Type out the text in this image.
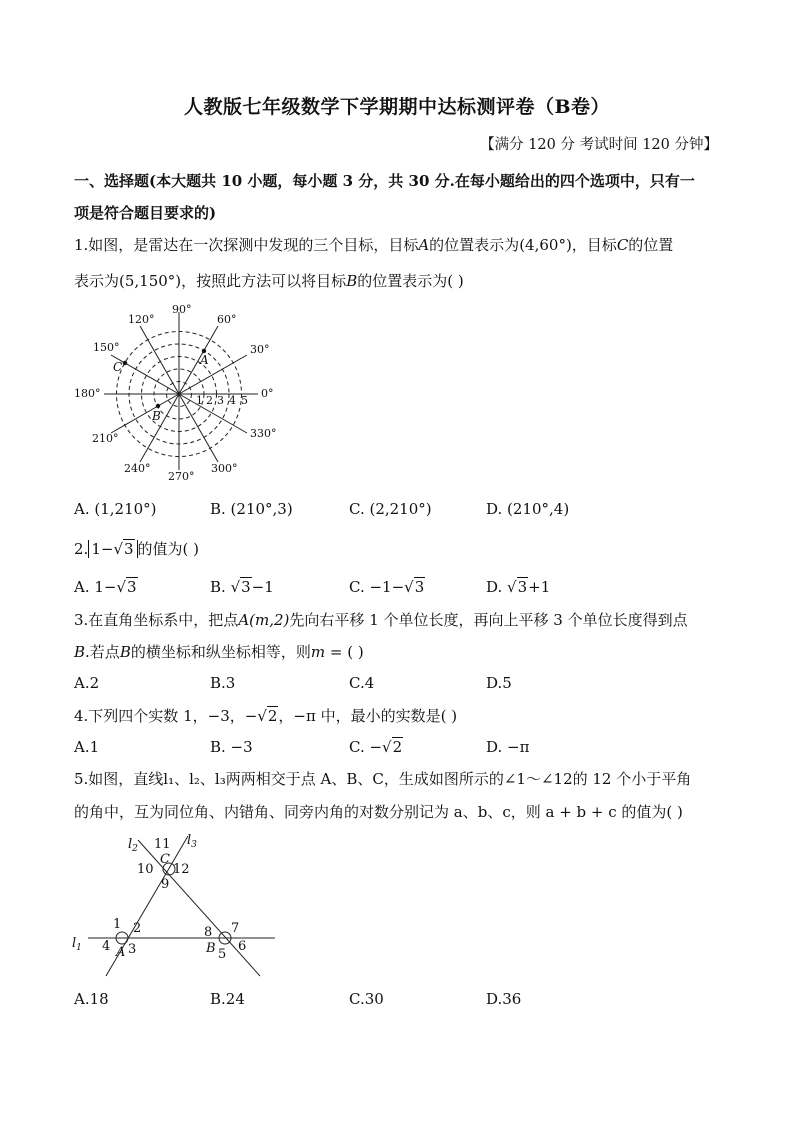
人教版七年级数学下学期期中达标测评卷（B卷）
【满分 120 分 考试时间 120 分钟】
一、选择题(本大题共 10 小题，每小题 3 分，共 30 分.在每小题给出的四个选项中，只有一
项是符合题目要求的)
1.如图，是雷达在一次探测中发现的三个目标，目标A的位置表示为(4,60°)，目标C的位置
表示为(5,150°)，按照此方法可以将目标B的位置表示为( )
90°
60°
120°
30°
150°
180°	0°
210°	330°
240°	300°
270°
1 2 3 4 5
A
B
C
A. (1,210°)	B. (210°,3)	C. (2,210°)	D. (210°,4)
2. 1−√3 的值为( )
A. 1−√3	B. √3−1	C. −1−√3	D. √3+1
3.在直角坐标系中，把点A(m,2)先向右平移 1 个单位长度，再向上平移 3 个单位长度得到点
B.若点B的横坐标和纵坐标相等，则m = ( )
A.2	B.3	C.4	D.5
4.下列四个实数 1，−3，−√2，−π 中，最小的实数是( )
A.1	B. −3	C. −√2	D. −π
5.如图，直线l₁、l₂、l₃两两相交于点 A、B、C，生成如图所示的∠1～∠12的 12 个小于平角
的角中，互为同位角、内错角、同旁内角的对数分别记为 a、b、c，则 a + b + c 的值为( )
$l_1$
$l_2$
$l_3$
A	B
C
1 2
3
4
5
6
7
8
9
10
11
12
A.18	B.24	C.30	D.36
